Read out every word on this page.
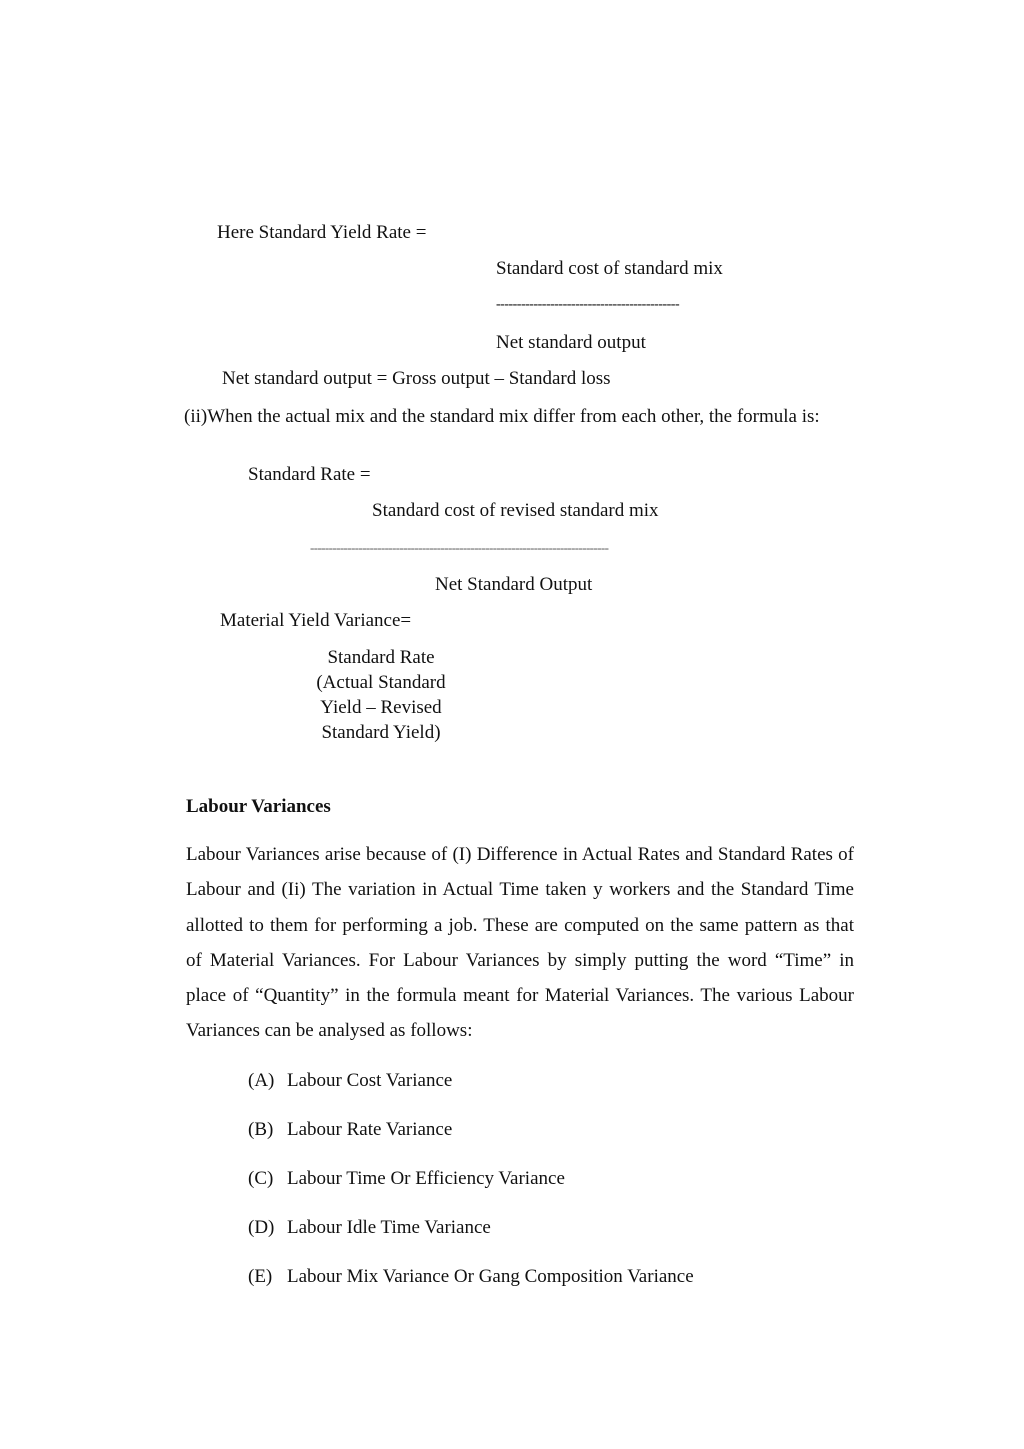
Here Standard Yield Rate =
Standard cost of standard mix
--------------------------------------------
Net standard output
Net standard output = Gross output – Standard loss
(ii)When the actual mix and the standard mix differ from each other, the formula is:
Standard Rate =
Standard cost of revised standard mix
--------------------------------------------------------------------------------
Net Standard Output
Material Yield Variance=
Standard Rate
(Actual Standard
Yield – Revised
Standard Yield)
Labour Variances

Labour Variances arise because of (I) Difference in Actual Rates and Standard Rates of Labour and (Ii) The variation in Actual Time taken y workers and the Standard Time allotted to them for performing a job. These are computed on the same pattern as that of Material Variances. For Labour Variances by simply putting the word “Time” in place of “Quantity” in the formula meant for Material Variances. The various Labour Variances can be analysed as follows:

(A) Labour Cost Variance
(B) Labour Rate Variance
(C) Labour Time Or Efficiency Variance
(D) Labour Idle Time Variance
(E) Labour Mix Variance Or Gang Composition Variance
